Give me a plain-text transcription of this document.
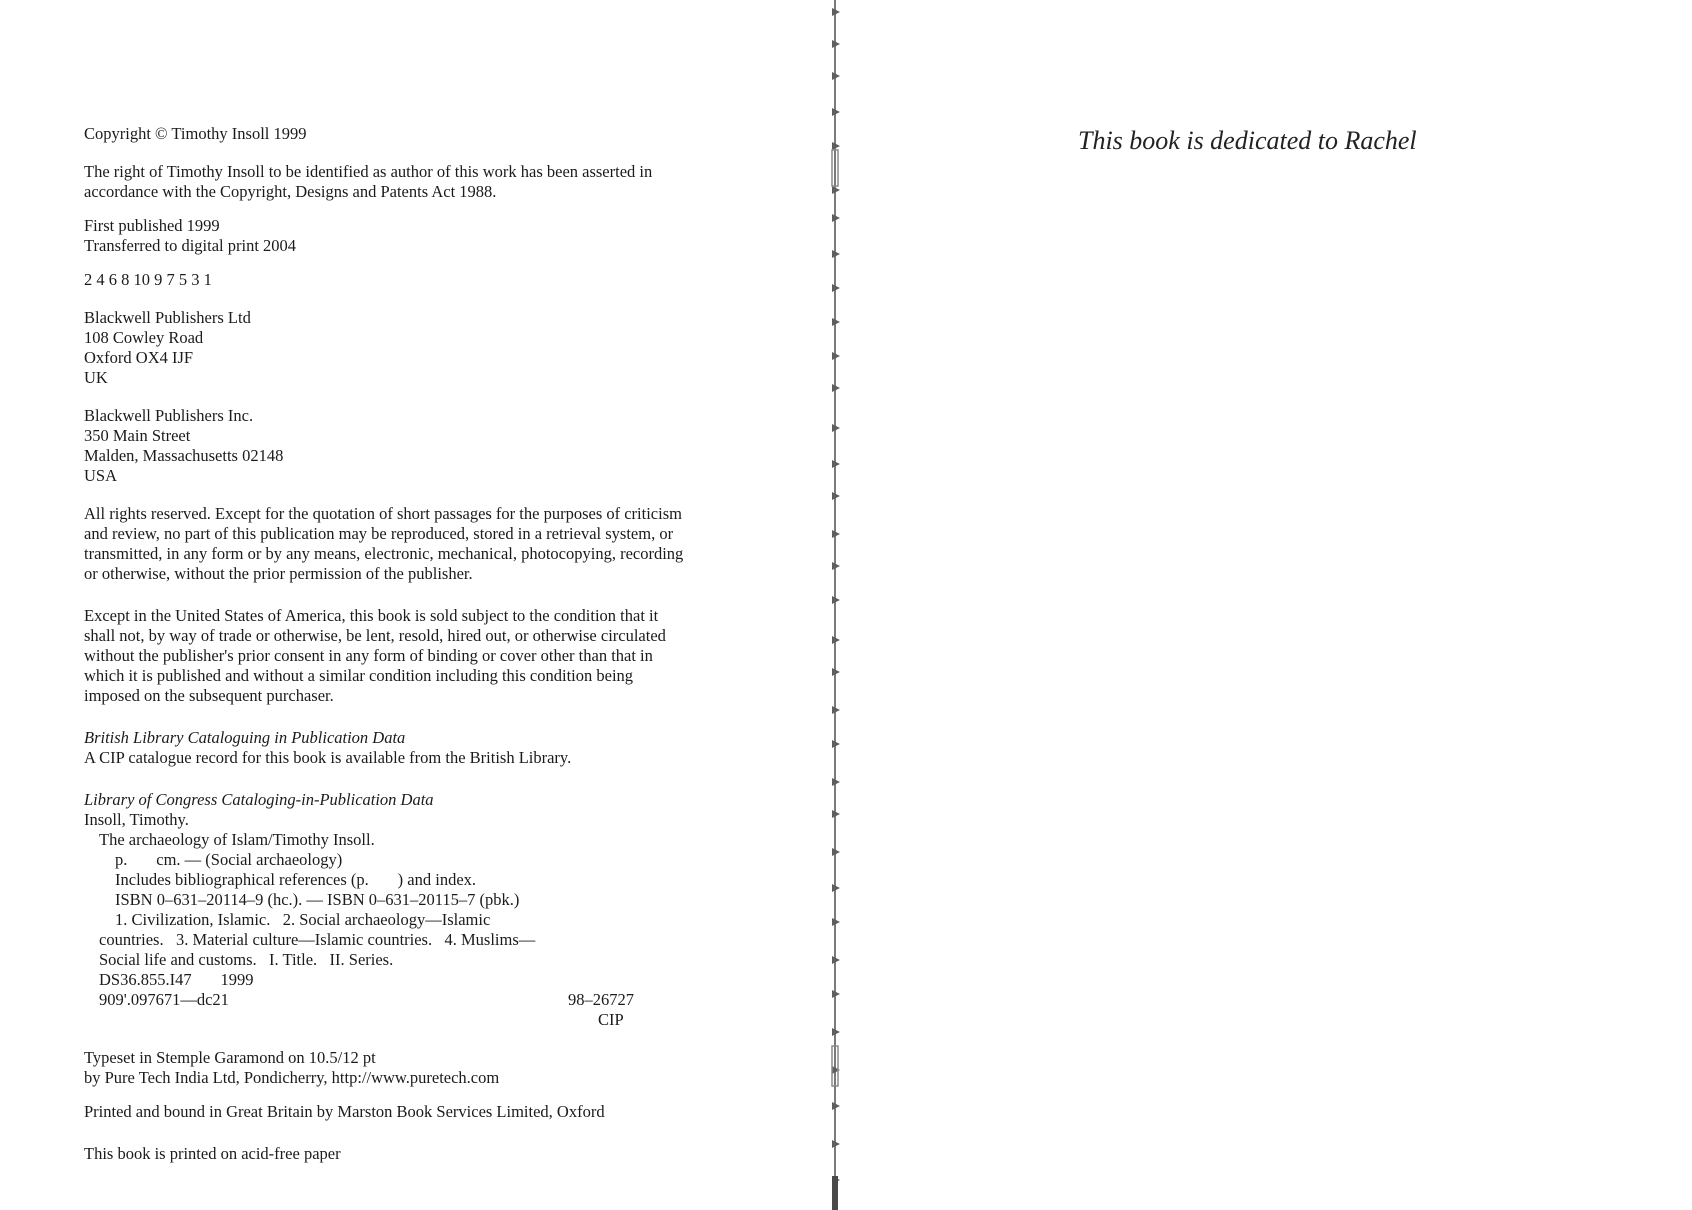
Copyright © Timothy Insoll 1999

The right of Timothy Insoll to be identified as author of this work has been asserted in
accordance with the Copyright, Designs and Patents Act 1988.

First published 1999
Transferred to digital print 2004

2 4 6 8 10 9 7 5 3 1

Blackwell Publishers Ltd
108 Cowley Road
Oxford OX4 IJF
UK

Blackwell Publishers Inc.
350 Main Street
Malden, Massachusetts 02148
USA

All rights reserved. Except for the quotation of short passages for the purposes of criticism
and review, no part of this publication may be reproduced, stored in a retrieval system, or
transmitted, in any form or by any means, electronic, mechanical, photocopying, recording
or otherwise, without the prior permission of the publisher.

Except in the United States of America, this book is sold subject to the condition that it
shall not, by way of trade or otherwise, be lent, resold, hired out, or otherwise circulated
without the publisher's prior consent in any form of binding or cover other than that in
which it is published and without a similar condition including this condition being
imposed on the subsequent purchaser.

British Library Cataloguing in Publication Data
A CIP catalogue record for this book is available from the British Library.

Library of Congress Cataloging-in-Publication Data
Insoll, Timothy.
The archaeology of Islam/Timothy Insoll.
p.       cm. — (Social archaeology)
Includes bibliographical references (p.       ) and index.
ISBN 0–631–20114–9 (hc.). — ISBN 0–631–20115–7 (pbk.)
1. Civilization, Islamic.   2. Social archaeology—Islamic
countries.   3. Material culture—Islamic countries.   4. Muslims—
Social life and customs.   I. Title.   II. Series.
DS36.855.I47       1999
909'.097671—dc21	98–26727

CIP

Typeset in Stemple Garamond on 10.5/12 pt
by Pure Tech India Ltd, Pondicherry, http://www.puretech.com

Printed and bound in Great Britain by Marston Book Services Limited, Oxford

This book is printed on acid-free paper

This book is dedicated to Rachel
